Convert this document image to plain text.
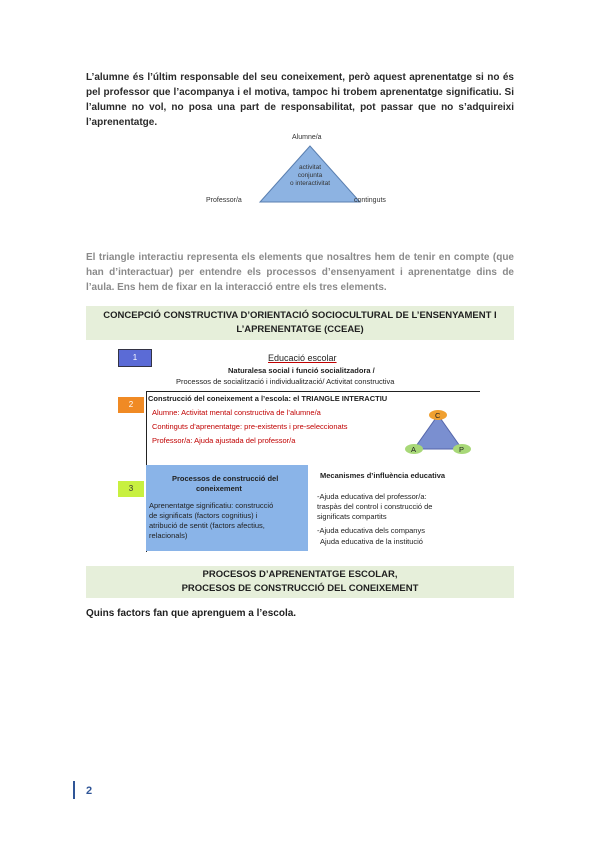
L’alumne és l’últim responsable del seu coneixement, però aquest aprenentatge si no és pel professor que l’acompanya i el motiva, tampoc hi trobem aprenentatge significatiu. Si l’alumne no vol, no posa una part de responsabilitat, pot passar que no s’adquireixi l’aprenentatge.
Alumne/a
Professor/a	continguts
activitat
conjunta
o interactivitat
El triangle interactiu representa els elements que nosaltres hem de tenir en compte (que han d’interactuar) per entendre els processos d’ensenyament i aprenentatge dins de l’aula. Ens hem de fixar en la interacció entre els tres elements.
CONCEPCIÓ CONSTRUCTIVA D’ORIENTACIÓ SOCIOCULTURAL DE L’ENSENYAMENT I
L’APRENENTATGE (CCEAE)
1
2
3
Educació escolar
Naturalesa social i funció socialitzadora /
Processos de socialització i individualització/ Activitat constructiva
Construcció del coneixement a l’escola: el TRIANGLE INTERACTIU
Alumne: Activitat mental constructiva de l’alumne/a
Continguts d’aprenentatge: pre-existents i pre-seleccionats
Professor/a: Ajuda ajustada del professor/a
C
A	P
Processos de construcció del
coneixement
Aprenentatge significatiu: construcció
de significats (factors cognitius) i
atribució de sentit (factors afectius,
relacionals)
Mecanismes d’influència educativa
-Ajuda educativa del professor/a:
traspàs del control i construcció de
significats compartits
-Ajuda educativa dels companys
Ajuda educativa de la institució
PROCESOS D’APRENENTATGE ESCOLAR,
PROCESOS DE CONSTRUCCIÓ DEL CONEIXEMENT
Quins factors fan que aprenguem a l’escola.
2
